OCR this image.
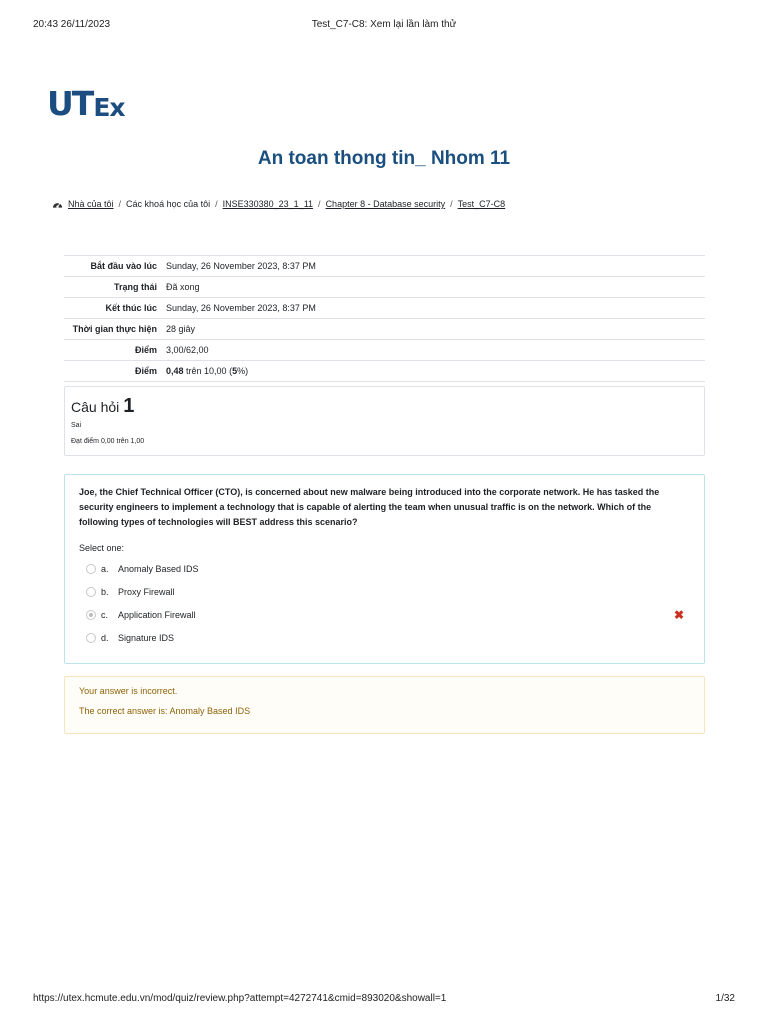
20:43 26/11/2023	Test_C7-C8: Xem lại lần làm thử
UT Ex
An toan thong tin_ Nhom 11
Nhà của tôi / Các khoá học của tôi / INSE330380_23_1_11 / Chapter 8 - Database security / Test_C7-C8
Bắt đầu vào lúc	Sunday, 26 November 2023, 8:37 PM
Trạng thái	Đã xong
Kết thúc lúc	Sunday, 26 November 2023, 8:37 PM
Thời gian thực hiện	28 giây
Điểm	3,00/62,00
Điểm	0,48 trên 10,00 (5%)
Câu hỏi 1
Sai
Đạt điểm 0,00 trên 1,00
Joe, the Chief Technical Officer (CTO), is concerned about new malware being introduced into the corporate network. He has tasked the security engineers to implement a technology that is capable of alerting the team when unusual traffic is on the network. Which of the following types of technologies will BEST address this scenario?
Select one:
a.	Anomaly Based IDS
b.	Proxy Firewall
c.	Application Firewall	✖
d.	Signature IDS
Your answer is incorrect.
The correct answer is: Anomaly Based IDS
https://utex.hcmute.edu.vn/mod/quiz/review.php?attempt=4272741&cmid=893020&showall=1	1/32
